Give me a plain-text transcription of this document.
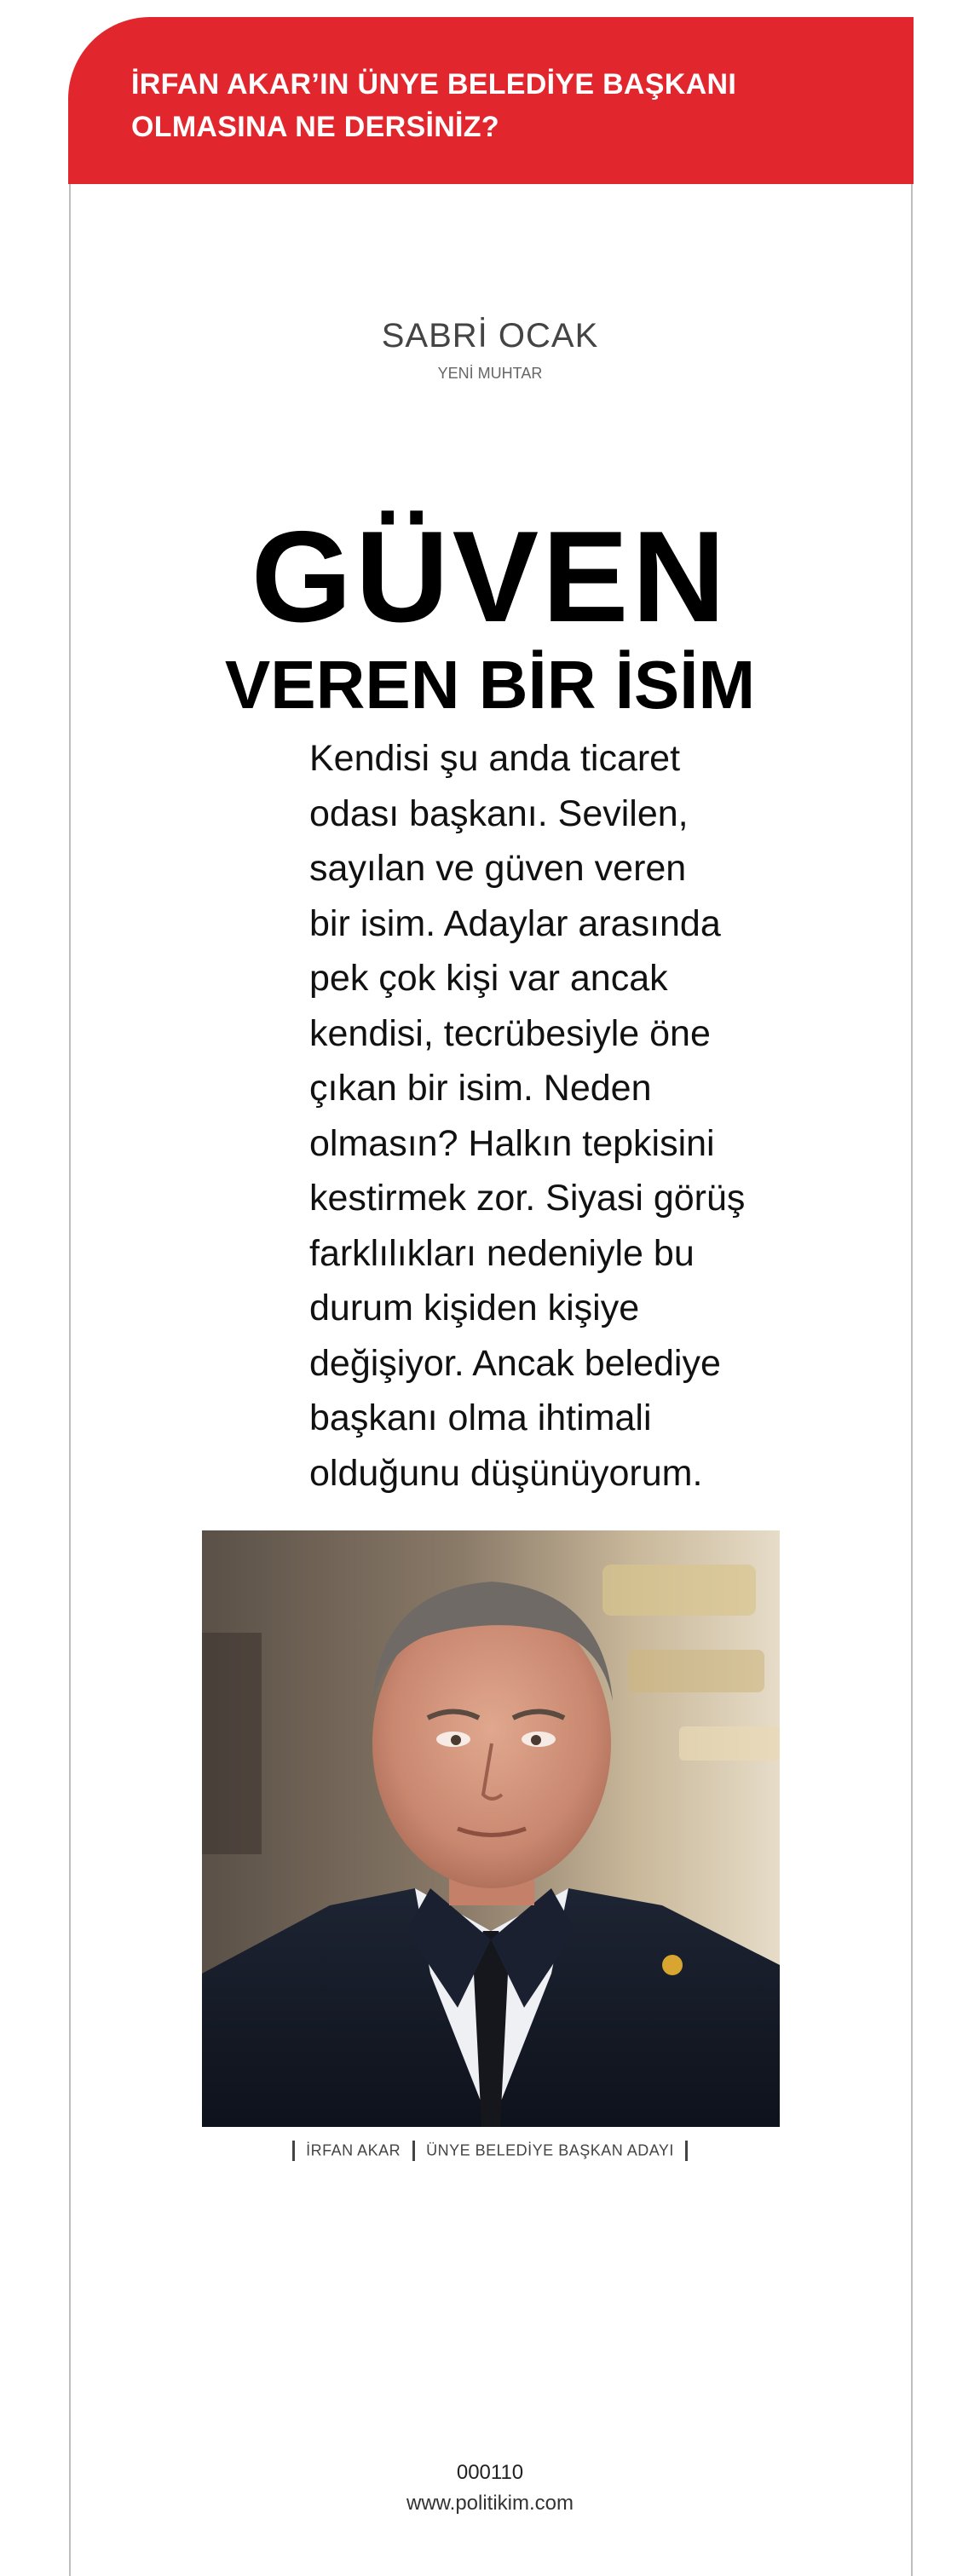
İRFAN AKAR’IN ÜNYE BELEDİYE BAŞKANI
OLMASINA NE DERSİNİZ?
SABRİ OCAK
YENİ MUHTAR
GÜVEN
VEREN BİR İSİM
Kendisi şu anda ticaret
odası başkanı. Sevilen,
sayılan ve güven veren
bir isim. Adaylar arasında
pek çok kişi var ancak
kendisi, tecrübesiyle öne
çıkan bir isim. Neden
olmasın? Halkın tepkisini
kestirmek zor. Siyasi görüş
farklılıkları nedeniyle bu
durum kişiden kişiye
değişiyor. Ancak belediye
başkanı olma ihtimali
olduğunu düşünüyorum.
İRFAN AKAR ÜNYE BELEDİYE BAŞKAN ADAYI
000110
www.politikim.com
